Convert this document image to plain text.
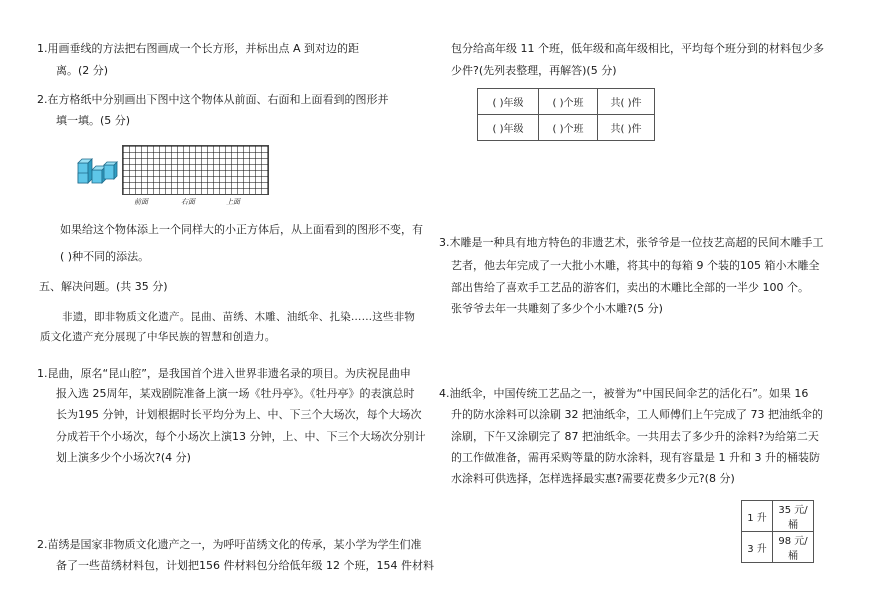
1.用画垂线的方法把右图画成一个长方形，并标出点 A 到对边的距
离。(2 分)
2.在方格纸中分别画出下图中这个物体从前面、右面和上面看到的图形并
填一填。(5 分)
前面	右面	上面
如果给这个物体添上一个同样大的小正方体后，从上面看到的图形不变，有
( )种不同的添法。
五、解决问题。(共 35 分)
非遗，即非物质文化遗产。昆曲、苗绣、木雕、油纸伞、扎染……这些非物
质文化遗产充分展现了中华民族的智慧和创造力。
1.昆曲，原名“昆山腔”，是我国首个进入世界非遗名录的项目。为庆祝昆曲申
报入选 25周年，某戏剧院准备上演一场《牡丹亭》。《牡丹亭》的表演总时
长为195 分钟，计划根据时长平均分为上、中、下三个大场次，每个大场次
分成若干个小场次，每个小场次上演13 分钟，上、中、下三个大场次分别计
划上演多少个小场次?(4 分)
2.苗绣是国家非物质文化遗产之一，为呼吁苗绣文化的传承，某小学为学生们准
备了一些苗绣材料包，计划把156 件材料包分给低年级 12 个班，154 件材料
包分给高年级 11 个班，低年级和高年级相比，平均每个班分到的材料包少多
少件?(先列表整理，再解答)(5 分)
( )年级	( )个班	共( )件
( )年级	( )个班	共( )件
3.木雕是一种具有地方特色的非遗艺术，张爷爷是一位技艺高超的民间木雕手工
艺者，他去年完成了一大批小木雕，将其中的每箱 9 个装的105 箱小木雕全
部出售给了喜欢手工艺品的游客们，卖出的木雕比全部的一半少 100 个。
张爷爷去年一共雕刻了多少个小木雕?(5 分)
4.油纸伞，中国传统工艺品之一，被誉为“中国民间伞艺的活化石”。如果 16
升的防水涂料可以涂刷 32 把油纸伞，工人师傅们上午完成了 73 把油纸伞的
涂刷，下午又涂刷完了 87 把油纸伞。一共用去了多少升的涂料?为给第二天
的工作做准备，需再采购等量的防水涂料，现有容量是 1 升和 3 升的桶装防
水涂料可供选择，怎样选择最实惠?需要花费多少元?(8 分)
1 升	35 元/桶
3 升	98 元/桶
